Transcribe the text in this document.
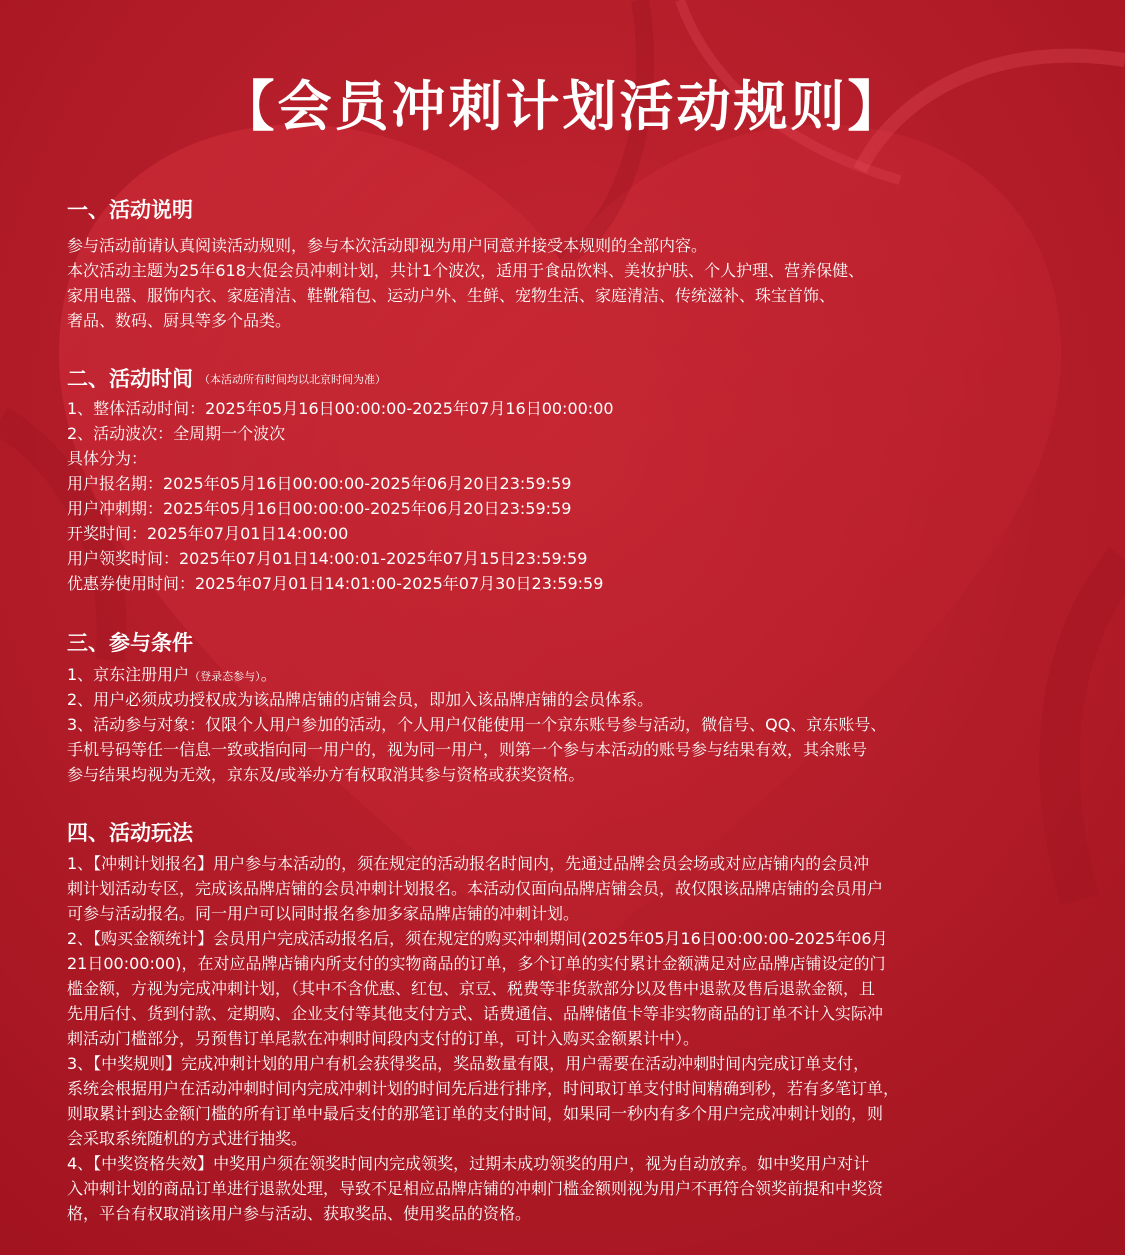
【会员冲刺计划活动规则】
一、活动说明
参与活动前请认真阅读活动规则，参与本次活动即视为用户同意并接受本规则的全部内容。
本次活动主题为25年618大促会员冲刺计划，共计1个波次，适用于食品饮料、美妆护肤、个人护理、营养保健、
家用电器、服饰内衣、家庭清洁、鞋靴箱包、运动户外、生鲜、宠物生活、家庭清洁、传统滋补、珠宝首饰、
奢品、数码、厨具等多个品类。
二、活动时间 （本活动所有时间均以北京时间为准）
1、整体活动时间：2025年05月16日00:00:00-2025年07月16日00:00:00
2、活动波次：全周期一个波次
具体分为：
用户报名期：2025年05月16日00:00:00-2025年06月20日23:59:59
用户冲刺期：2025年05月16日00:00:00-2025年06月20日23:59:59
开奖时间：2025年07月01日14:00:00
用户领奖时间：2025年07月01日14:00:01-2025年07月15日23:59:59
优惠券使用时间：2025年07月01日14:01:00-2025年07月30日23:59:59
三、参与条件
1、京东注册用户（登录态参与）。
2、用户必须成功授权成为该品牌店铺的店铺会员，即加入该品牌店铺的会员体系。
3、活动参与对象：仅限个人用户参加的活动，个人用户仅能使用一个京东账号参与活动，微信号、QQ、京东账号、
手机号码等任一信息一致或指向同一用户的，视为同一用户，则第一个参与本活动的账号参与结果有效，其余账号
参与结果均视为无效，京东及/或举办方有权取消其参与资格或获奖资格。
四、活动玩法
1、【冲刺计划报名】用户参与本活动的，须在规定的活动报名时间内，先通过品牌会员会场或对应店铺内的会员冲
刺计划活动专区，完成该品牌店铺的会员冲刺计划报名。本活动仅面向品牌店铺会员，故仅限该品牌店铺的会员用户
可参与活动报名。同一用户可以同时报名参加多家品牌店铺的冲刺计划。
2、【购买金额统计】会员用户完成活动报名后，须在规定的购买冲刺期间(2025年05月16日00:00:00-2025年06月
21日00:00:00)，在对应品牌店铺内所支付的实物商品的订单，多个订单的实付累计金额满足对应品牌店铺设定的门
槛金额，方视为完成冲刺计划，（其中不含优惠、红包、京豆、税费等非货款部分以及售中退款及售后退款金额，且
先用后付、货到付款、定期购、企业支付等其他支付方式、话费通信、品牌储值卡等非实物商品的订单不计入实际冲
刺活动门槛部分，另预售订单尾款在冲刺时间段内支付的订单，可计入购买金额累计中）。
3、【中奖规则】完成冲刺计划的用户有机会获得奖品，奖品数量有限，用户需要在活动冲刺时间内完成订单支付，
系统会根据用户在活动冲刺时间内完成冲刺计划的时间先后进行排序，时间取订单支付时间精确到秒，若有多笔订单，
则取累计到达金额门槛的所有订单中最后支付的那笔订单的支付时间，如果同一秒内有多个用户完成冲刺计划的，则
会采取系统随机的方式进行抽奖。
4、【中奖资格失效】中奖用户须在领奖时间内完成领奖，过期未成功领奖的用户，视为自动放弃。如中奖用户对计
入冲刺计划的商品订单进行退款处理，导致不足相应品牌店铺的冲刺门槛金额则视为用户不再符合领奖前提和中奖资
格，平台有权取消该用户参与活动、获取奖品、使用奖品的资格。
